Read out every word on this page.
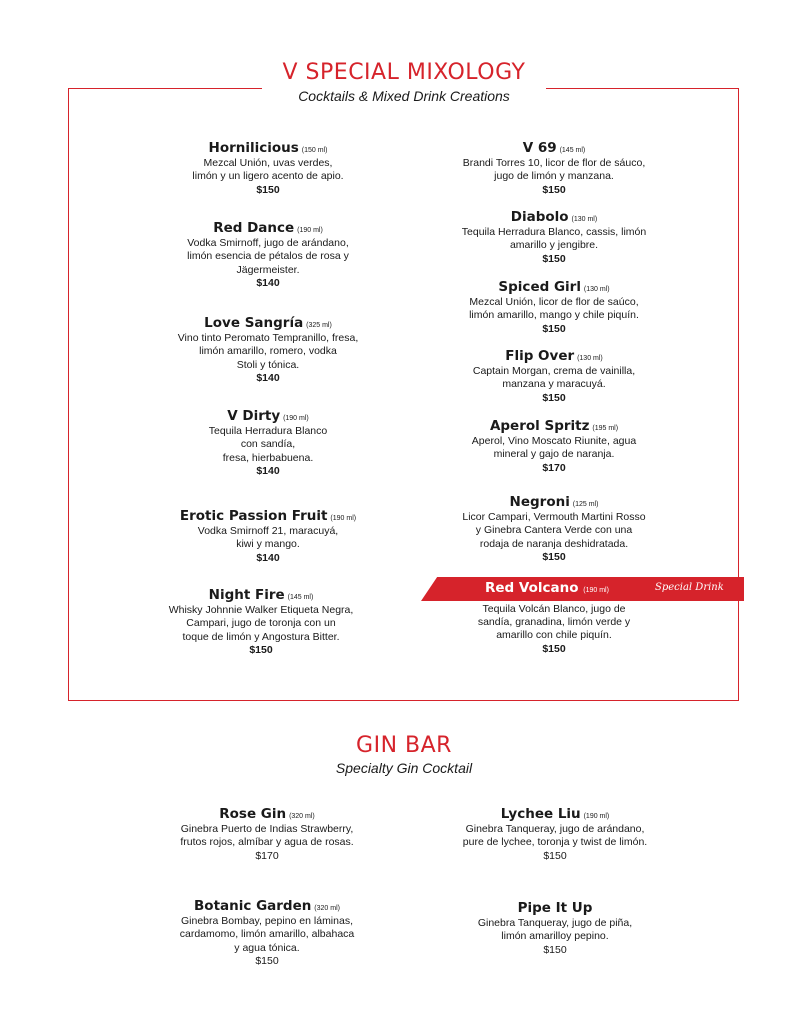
V SPECIAL MIXOLOGY
Cocktails & Mixed Drink Creations
Hornilicious (150 ml)
Mezcal Unión, uvas verdes,
limón y un ligero acento de apio.
$150
Red Dance (190 ml)
Vodka Smirnoff, jugo de arándano,
limón esencia de pétalos de rosa y
Jägermeister.
$140
Love Sangría (325 ml)
Vino tinto Peromato Tempranillo, fresa,
limón amarillo, romero, vodka
Stoli y tónica.
$140
V Dirty (190 ml)
Tequila Herradura Blanco
con sandía,
fresa, hierbabuena.
$140
Erotic Passion Fruit (190 ml)
Vodka Smirnoff 21, maracuyá,
kiwi y mango.
$140
Night Fire (145 ml)
Whisky Johnnie Walker Etiqueta Negra,
Campari, jugo de toronja con un
toque de limón y Angostura Bitter.
$150
V 69 (145 ml)
Brandi Torres 10, licor de flor de sáuco,
jugo de limón y manzana.
$150
Diabolo (130 ml)
Tequila Herradura Blanco, cassis, limón
amarillo y jengibre.
$150
Spiced Girl (130 ml)
Mezcal Unión, licor de flor de saúco,
limón amarillo, mango y chile piquín.
$150
Flip Over (130 ml)
Captain Morgan, crema de vainilla,
manzana y maracuyá.
$150
Aperol Spritz (195 ml)
Aperol, Vino Moscato Riunite, agua
mineral y gajo de naranja.
$170
Negroni (125 ml)
Licor Campari, Vermouth Martini Rosso
y Ginebra Cantera Verde con una
rodaja de naranja deshidratada.
$150
Red Volcano (190 ml)	Special Drink
Tequila Volcán Blanco, jugo de
sandía, granadina, limón verde y
amarillo con chile piquín.
$150
GIN BAR
Specialty Gin Cocktail
Rose Gin (320 ml)
Ginebra Puerto de Indias Strawberry,
frutos rojos, almíbar y agua de rosas.
$170
Botanic Garden (320 ml)
Ginebra Bombay, pepino en láminas,
cardamomo, limón amarillo, albahaca
y agua tónica.
$150
Lychee Liu (190 ml)
Ginebra Tanqueray, jugo de arándano,
pure de lychee, toronja y twist de limón.
$150
Pipe It Up
Ginebra Tanqueray, jugo de piña,
limón amarilloy pepino.
$150
